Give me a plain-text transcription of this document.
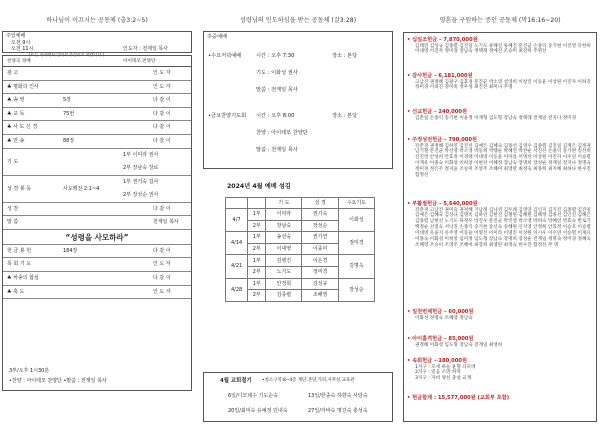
하나님이 이끄시는 공동체 (출3:2~5)
주일예배
오전 9시
오전 11시	인도자 : 전계일 목사
(표는 자리에서 일어서 주십시오 하겠니다.)
찬양곡 경배	아이테모 찬양단
광 고	인 도 자
♣ 평화의 인사	인 도 자
♣ 송 영	5장	다 같 이
♣ 교 독	75번	다 같 이
♣ 사 도 신 경	다 같 이
♣ 찬 송	88장	다 같 이
기 도
1부 이미라 권사
2부 장남숙 장로
성 경 봉 독	사도행전 2:1~4
1부 권기숙 집사
2부 장성순 권사
성 찬	다 같 이
말 씀	전계일 목사
“성령을 사모하라”
헌 금 봉 헌	184장	다 같 이
목 회 기 도	인 도 자
♣ 차송의 합심	다 같 이
♣ 축 도	인 도 자
3부/오후 1시30분
•찬양 : 아이테모 찬양단 •말씀 : 전계일 목사
성령님의 인도하심을 받는 공동체 (갈3:28)
주중예배
•수요저녁예배	시간 : 오후 7:30	장소 : 본당
기도 : 이화성 권사
말씀 : 전계일 목사
•금요찬양기도회 시간 : 오후 8:00	장소 : 본당
찬양 : 아이테모 찬양단
말씀 : 전계일 목사
2024년 4월 예배 섬김
		기 도	성 경	수요기도
4/7	1부	이미라	권기숙	이화성
	2부	장남숙	장성순	
4/14	1부	송선숙	권기연	정미경
	2부	이대영	이종미	
4/21	1부	김병진	이은경	김명옥
	2부	노기도	정미경	
4/28	1부	안정희	김성규	장성순
	2부	김종렬	조혜영	
4월 교회절기 •청소구역:8~4층 계단,본당,가퍼,사무실,교육관
6일/디모데수 기도순숙	13일/한종숙 하향숙 사랑숙
20일/최미숙 유예정 민내숙	27일/자바숙 명진숙 충성숙
영혼을 구원하는 증인 공동체 (막16:16~20)
• 십일조헌금 – 7,870,000원
김태연 김상규 김종렬 김진일 노기도 류해진 류혜진 문진균 손종익 송기현 이진영 유한희 이대영 이진자 정미경 장남숙 정택래 정예진 조승미 최강희 주명선
• 감사헌금 – 6,181,000원
고남진 권정혜 김광구 김효경 문진균 박소영 설영희 이창진 이동윤 이상원 이진자 이하진 정미경 이의진 정미옥 정우성 최진선 최미나 주명
• 선교헌금 – 240,000원
김춘일 손종익 송기현 이윤정 이재형 임도형 장남숙 정택래 전계일 전지나 정미경
• 주정성전헌금 – 790,000원
강춘경 권정혜 김하연 김진선 김예은 김혜숙 김종선 김영수 김종렬 김진일 김재은 김정권 남기철 문진균 박선영 박소영 박동희 박행순 박혜연 박찬순 서진선 손종익 송기현 송선희 신진영 안성희 안효정 이경태 이대영 이동윤 이미라 이명선 이상원 이진자 이수연 이승렬 이재유 이종숙 이화성 이희창 이현선 이혜정 장남숙 장명희 장성순 정계일 전지나 정명숙 정미경 정은주 정지윤 조승미 조영주 조혜미 최영란 최정숙 최종희 최지혜 최하나 한수진 함정선
• 부활절헌금 – 5,640,000원
강춘경 고남진 권미숙 권정혜 기남래 김나영 김두례 김영연 김인지 김지진 김종렬 김진일 김예은 김혜숙 김상규 김명옥 김하연 김현진 김철원 김혜원 김혜정 김종선 김인진 김해은 김종렬 남현선 노기도 류정우 박진우 문진균 박민영 박소영 박희숙 박혜연 박효숙 반로기 백정순 선점숙 서낙진 손종익 송기현 송선숙 송혜원 신지영 안정희 안효정 이승호 이승열 이대영 유윤지 유주영 이동윤 이명선 이미라 이명진 이상원 이시우 이수연 이승렬 이재유 이종숙 이화성 이희창 임미정 임도형 장남숙 장명희 장성순 전계일 정명숙 정미경 정혜숙 조혜영 조승미 조영주 조혜미 최강희 최영란 최정숙 한수진 함정선 무 명
• 일천번제헌금 – 60,000원
이화성 정명숙 조혜영 정남숙
• 아이홈격헌금 – 85,000원
권정혜 이화성 임도형 장남숙 전계일 최영희
• 속회헌금 – 180,000원
1지구 : 모세 하늘 윤향 디모데
2지구 : 믿음 소망 희락
3지구 : 자비 양선 충성 교재
• 헌금합계 : 15,577,000원 (교회부 포함)
